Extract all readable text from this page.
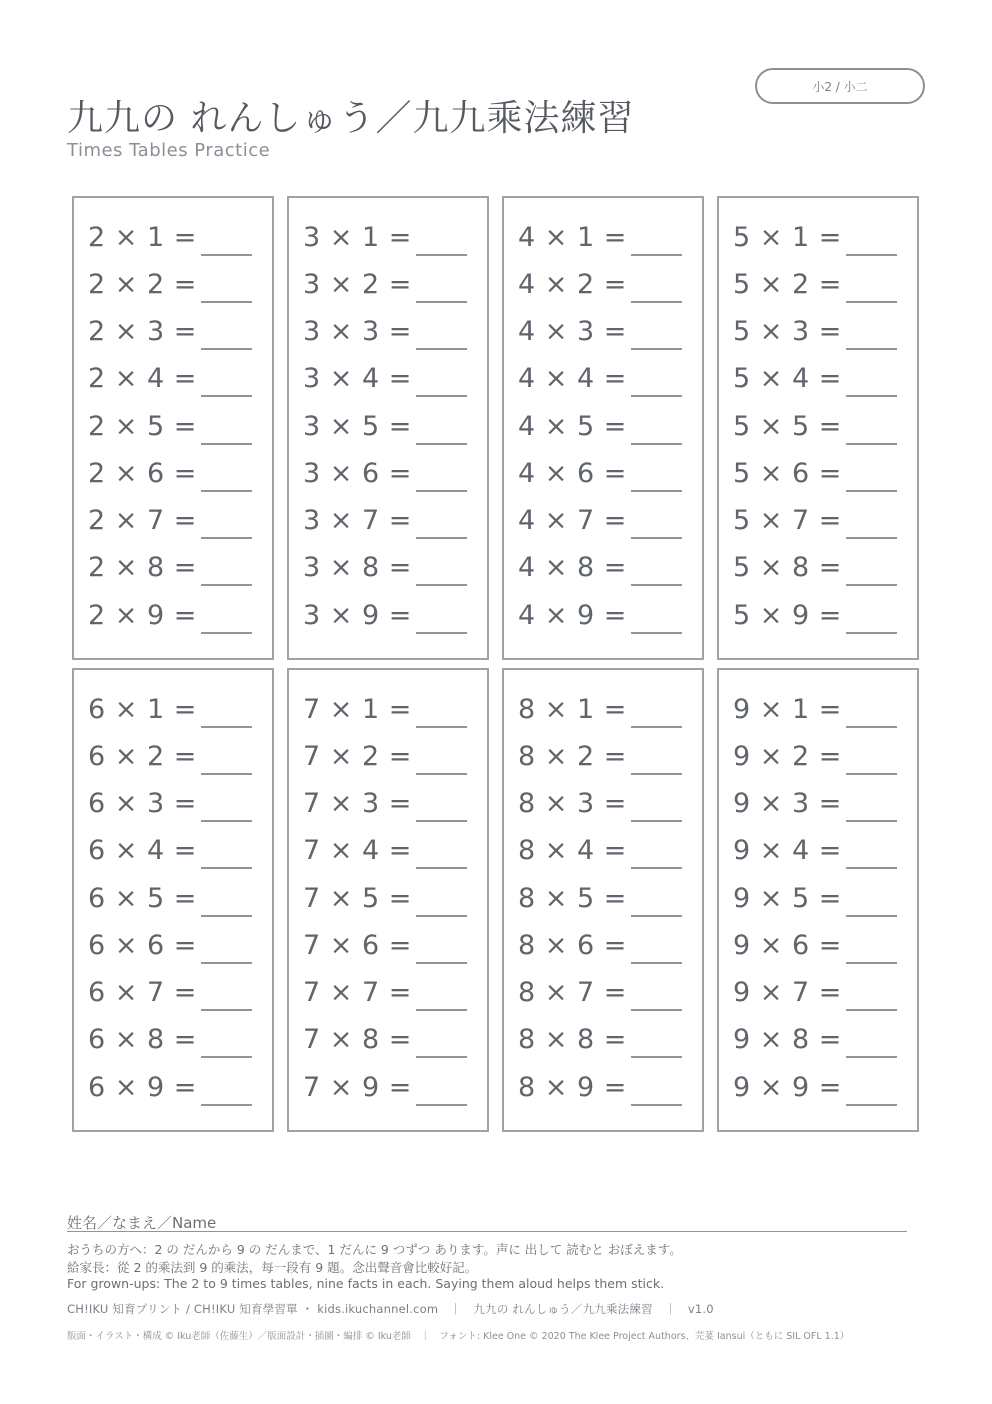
小2 / 小二
九九の れんしゅう／九九乘法練習
Times Tables Practice
2 × 1 =
2 × 2 =
2 × 3 =
2 × 4 =
2 × 5 =
2 × 6 =
2 × 7 =
2 × 8 =
2 × 9 =
3 × 1 =
3 × 2 =
3 × 3 =
3 × 4 =
3 × 5 =
3 × 6 =
3 × 7 =
3 × 8 =
3 × 9 =
4 × 1 =
4 × 2 =
4 × 3 =
4 × 4 =
4 × 5 =
4 × 6 =
4 × 7 =
4 × 8 =
4 × 9 =
5 × 1 =
5 × 2 =
5 × 3 =
5 × 4 =
5 × 5 =
5 × 6 =
5 × 7 =
5 × 8 =
5 × 9 =
6 × 1 =
6 × 2 =
6 × 3 =
6 × 4 =
6 × 5 =
6 × 6 =
6 × 7 =
6 × 8 =
6 × 9 =
7 × 1 =
7 × 2 =
7 × 3 =
7 × 4 =
7 × 5 =
7 × 6 =
7 × 7 =
7 × 8 =
7 × 9 =
8 × 1 =
8 × 2 =
8 × 3 =
8 × 4 =
8 × 5 =
8 × 6 =
8 × 7 =
8 × 8 =
8 × 9 =
9 × 1 =
9 × 2 =
9 × 3 =
9 × 4 =
9 × 5 =
9 × 6 =
9 × 7 =
9 × 8 =
9 × 9 =
姓名／なまえ／Name
おうちの方へ：2 の だんから 9 の だんまで、1 だんに 9 つずつ あります。声に 出して 読むと おぼえます。
給家長：從 2 的乘法到 9 的乘法，每一段有 9 題。念出聲音會比較好記。
For grown-ups: The 2 to 9 times tables, nine facts in each. Saying them aloud helps them stick.
CH!IKU 知育プリント / CH!IKU 知育學習單 ・ kids.ikuchannel.com　｜　九九の れんしゅう／九九乘法練習　｜　v1.0
版面・イラスト・構成 © Iku老師（佐藤生）／版面設計・插圖・編排 © Iku老師　｜　フォント: Klee One © 2020 The Klee Project Authors、芫荽 Iansui（ともに SIL OFL 1.1）
